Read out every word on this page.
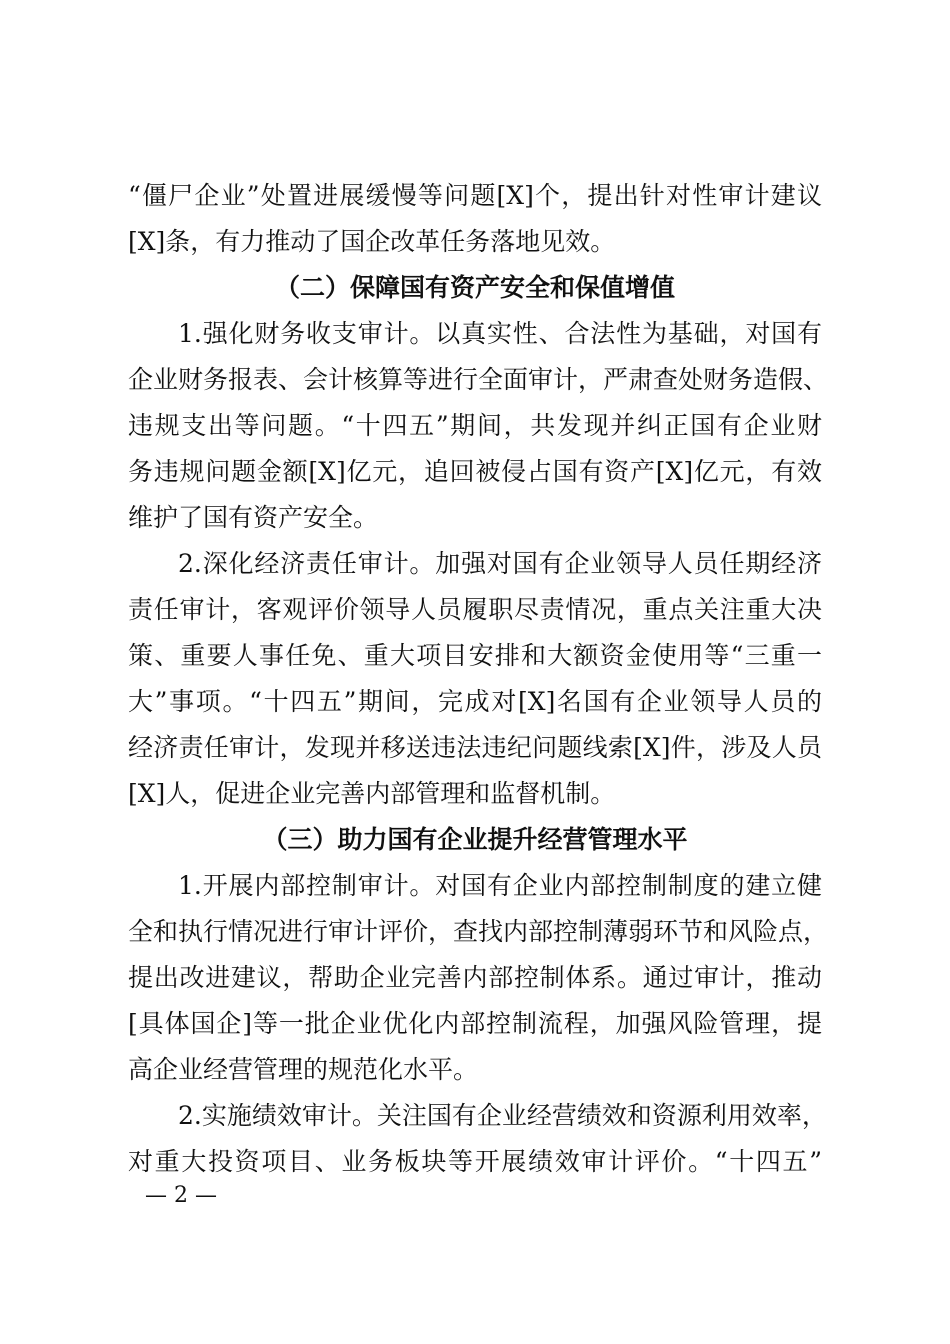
“僵尸企业”处置进展缓慢等问题[X]个，提出针对性审计建议

[X]条，有力推动了国企改革任务落地见效。

（二）保障国有资产安全和保值增值

1.强化财务收支审计。以真实性、合法性为基础，对国有

企业财务报表、会计核算等进行全面审计，严肃查处财务造假、

违规支出等问题。“十四五”期间，共发现并纠正国有企业财

务违规问题金额[X]亿元，追回被侵占国有资产[X]亿元，有效

维护了国有资产安全。

2.深化经济责任审计。加强对国有企业领导人员任期经济

责任审计，客观评价领导人员履职尽责情况，重点关注重大决

策、重要人事任免、重大项目安排和大额资金使用等“三重一

大”事项。“十四五”期间，完成对[X]名国有企业领导人员的

经济责任审计，发现并移送违法违纪问题线索[X]件，涉及人员

[X]人，促进企业完善内部管理和监督机制。

（三）助力国有企业提升经营管理水平

1.开展内部控制审计。对国有企业内部控制制度的建立健

全和执行情况进行审计评价，查找内部控制薄弱环节和风险点，

提出改进建议，帮助企业完善内部控制体系。通过审计，推动

[具体国企]等一批企业优化内部控制流程，加强风险管理，提

高企业经营管理的规范化水平。

2.实施绩效审计。关注国有企业经营绩效和资源利用效率，

对重大投资项目、业务板块等开展绩效审计评价。“十四五”

— 2 —
